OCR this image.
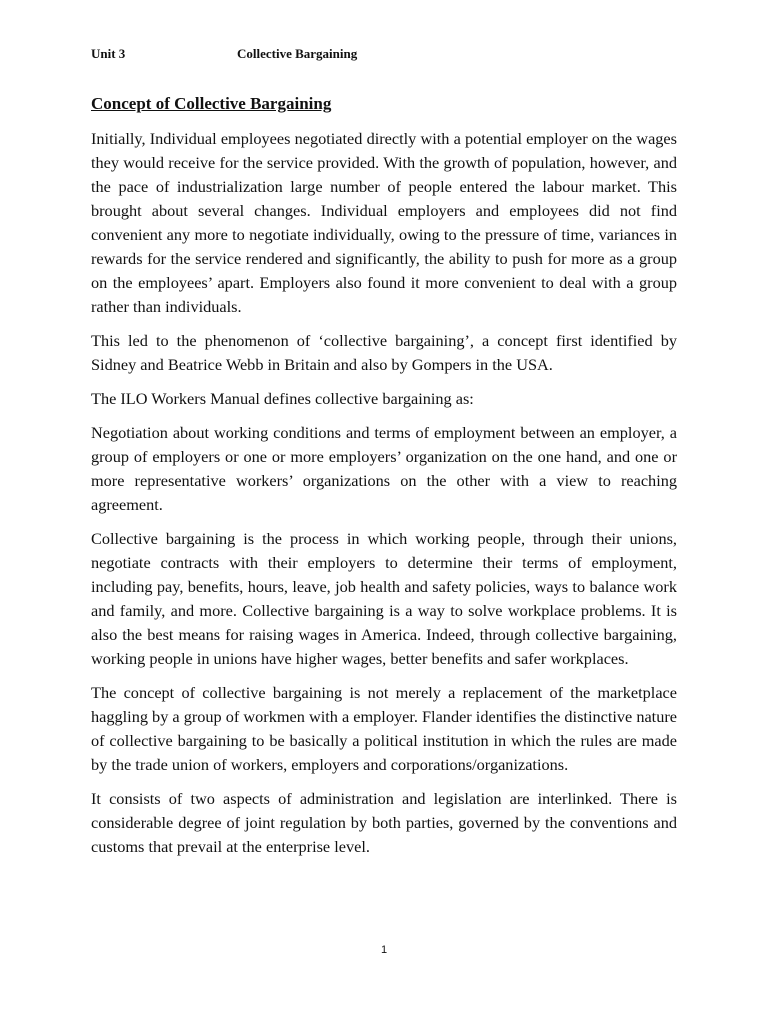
Unit 3	Collective Bargaining
Concept of Collective Bargaining

Initially, Individual employees negotiated directly with a potential employer on the wages they would receive for the service provided. With the growth of population, however, and the pace of industrialization large number of people entered the labour market. This brought about several changes. Individual employers and employees did not find convenient any more to negotiate individually, owing to the pressure of time, variances in rewards for the service rendered and significantly, the ability to push for more as a group on the employees’ apart. Employers also found it more convenient to deal with a group rather than individuals.

This led to the phenomenon of ‘collective bargaining’, a concept first identified by Sidney and Beatrice Webb in Britain and also by Gompers in the USA.

The ILO Workers Manual defines collective bargaining as:

Negotiation about working conditions and terms of employment between an employer, a group of employers or one or more employers’ organization on the one hand, and one or more representative workers’ organizations on the other with a view to reaching agreement.

Collective bargaining is the process in which working people, through their unions, negotiate contracts with their employers to determine their terms of employment, including pay, benefits, hours, leave, job health and safety policies, ways to balance work and family, and more. Collective bargaining is a way to solve workplace problems. It is also the best means for raising wages in America. Indeed, through collective bargaining, working people in unions have higher wages, better benefits and safer workplaces.

The concept of collective bargaining is not merely a replacement of the marketplace haggling by a group of workmen with a employer. Flander identifies the distinctive nature of collective bargaining to be basically a political institution in which the rules are made by the trade union of workers, employers and corporations/organizations.

It consists of two aspects of administration and legislation are interlinked. There is considerable degree of joint regulation by both parties, governed by the conventions and customs that prevail at the enterprise level.

1
